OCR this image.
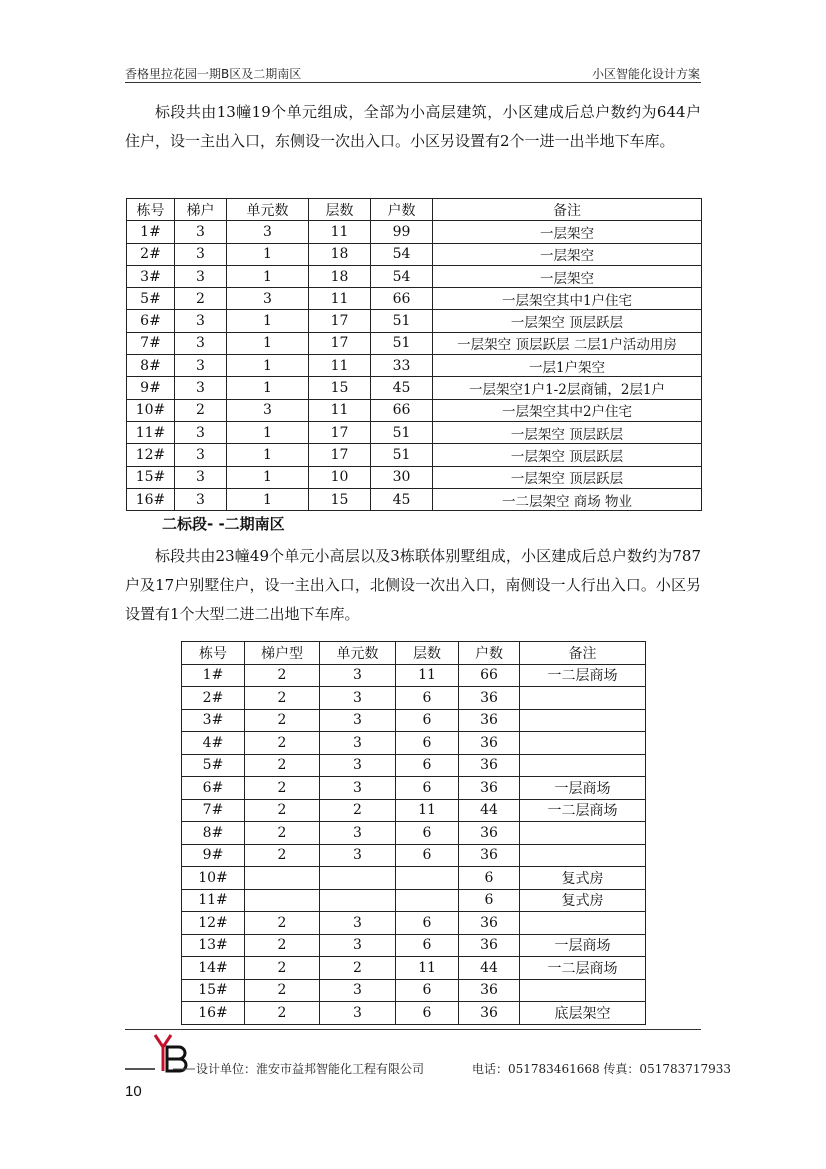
香格里拉花园一期B区及二期南区	小区智能化设计方案

标段共由13幢19个单元组成，全部为小高层建筑，小区建成后总户数约为644户住户，设一主出入口，东侧设一次出入口。小区另设置有2个一进一出半地下车库。

栋号	梯户	单元数	层数	户数	备注
1#	3	3	11	99	一层架空
2#	3	1	18	54	一层架空
3#	3	1	18	54	一层架空
5#	2	3	11	66	一层架空其中1户住宅
6#	3	1	17	51	一层架空 顶层跃层
7#	3	1	17	51	一层架空 顶层跃层 二层1户活动用房
8#	3	1	11	33	一层1户架空
9#	3	1	15	45	一层架空1户1-2层商铺，2层1户
10#	2	3	11	66	一层架空其中2户住宅
11#	3	1	17	51	一层架空 顶层跃层
12#	3	1	17	51	一层架空 顶层跃层
15#	3	1	10	30	一层架空 顶层跃层
16#	3	1	15	45	一二层架空 商场 物业
二标段- -二期南区

标段共由23幢49个单元小高层以及3栋联体别墅组成，小区建成后总户数约为787户及17户别墅住户，设一主出入口，北侧设一次出入口，南侧设一人行出入口。小区另设置有1个大型二进二出地下车库。

栋号	梯户型	单元数	层数	户数	备注
1#	2	3	11	66	一二层商场
2#	2	3	6	36	
3#	2	3	6	36	
4#	2	3	6	36	
5#	2	3	6	36	
6#	2	3	6	36	一层商场
7#	2	2	11	44	一二层商场
8#	2	3	6	36	
9#	2	3	6	36	
10#				6	复式房
11#				6	复式房
12#	2	3	6	36	
13#	2	3	6	36	一层商场
14#	2	2	11	44	一二层商场
15#	2	3	6	36	
16#	2	3	6	36	底层架空
设计单位：淮安市益邦智能化工程有限公司	电话：051783461668 传真：051783717933
10
